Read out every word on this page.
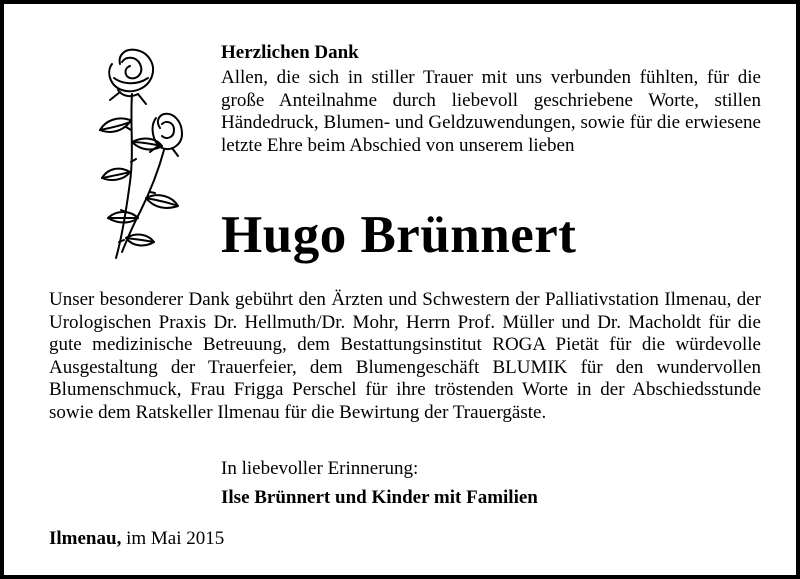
Herzlichen Dank
Allen, die sich in stiller Trauer mit uns verbunden fühlten, für die große Anteilnahme durch liebevoll geschriebene Worte, stillen Händedruck, Blumen- und Geldzuwendungen, sowie für die erwiesene letzte Ehre beim Abschied von unserem lieben
Hugo Brünnert
Unser besonderer Dank gebührt den Ärzten und Schwestern der Palliativstation Ilmenau, der Urologischen Praxis Dr. Hellmuth/Dr. Mohr, Herrn Prof. Müller und Dr. Macholdt für die gute medizinische Betreuung, dem Bestattungsinstitut ROGA Pietät für die würdevolle Ausgestaltung der Trauerfeier, dem Blumengeschäft BLUMIK für den wundervollen Blumenschmuck, Frau Frigga Perschel für ihre tröstenden Worte in der Abschiedsstunde sowie dem Ratskeller Ilmenau für die Bewirtung der Trauergäste.
In liebevoller Erinnerung:
Ilse Brünnert und Kinder mit Familien
Ilmenau, im Mai 2015
